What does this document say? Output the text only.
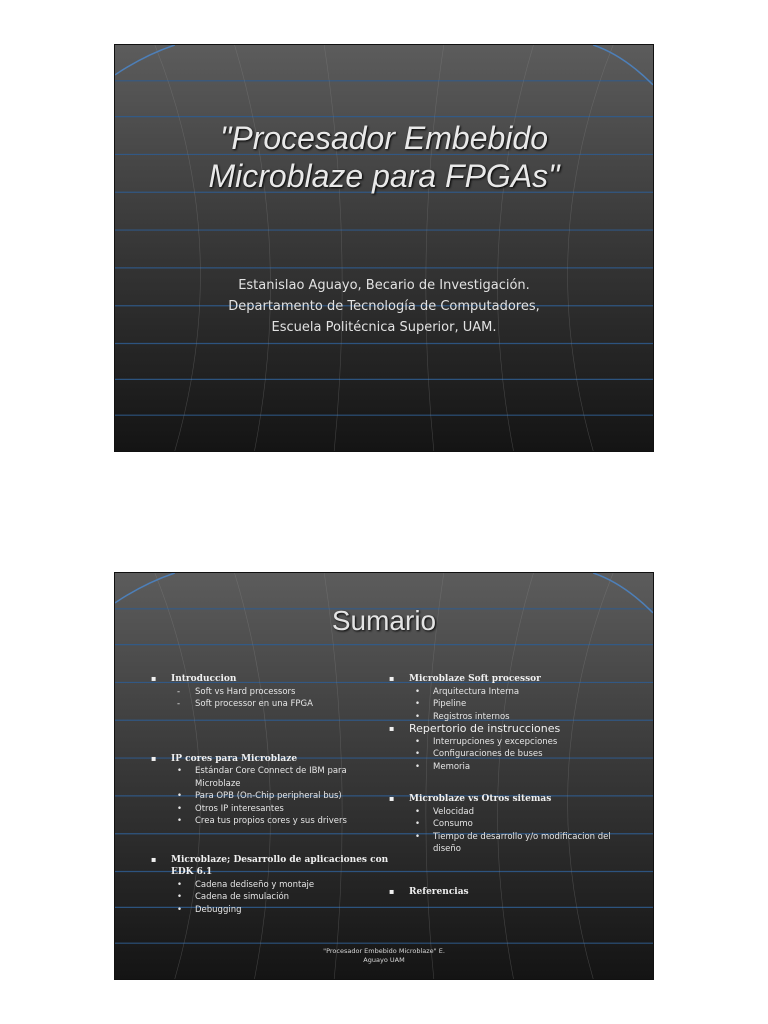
"Procesador Embebido
Microblaze para FPGAs"
Estanislao Aguayo, Becario de Investigación.
Departamento de Tecnología de Computadores,
Escuela Politécnica Superior, UAM.
Sumario
▪ Introduccion
- Soft vs Hard processors
- Soft processor en una FPGA
▪ IP cores para Microblaze
• Estándar Core Connect de IBM para Microblaze
• Para OPB (On-Chip peripheral bus)
• Otros IP interesantes
• Crea tus propios cores y sus drivers
▪ Microblaze; Desarrollo de aplicaciones con EDK 6.1
• Cadena dediseño y montaje
• Cadena de simulación
• Debugging
▪ Microblaze Soft processor
• Arquitectura Interna
• Pipeline
• Registros internos
▪ Repertorio de instrucciones
• Interrupciones y excepciones
• Configuraciones de buses
• Memoria
▪ Microblaze vs Otros sitemas
• Velocidad
• Consumo
• Tiempo de desarrollo y/o modificacion del diseño
▪ Referencias
"Procesador Embebido Microblaze" E.
Aguayo UAM
